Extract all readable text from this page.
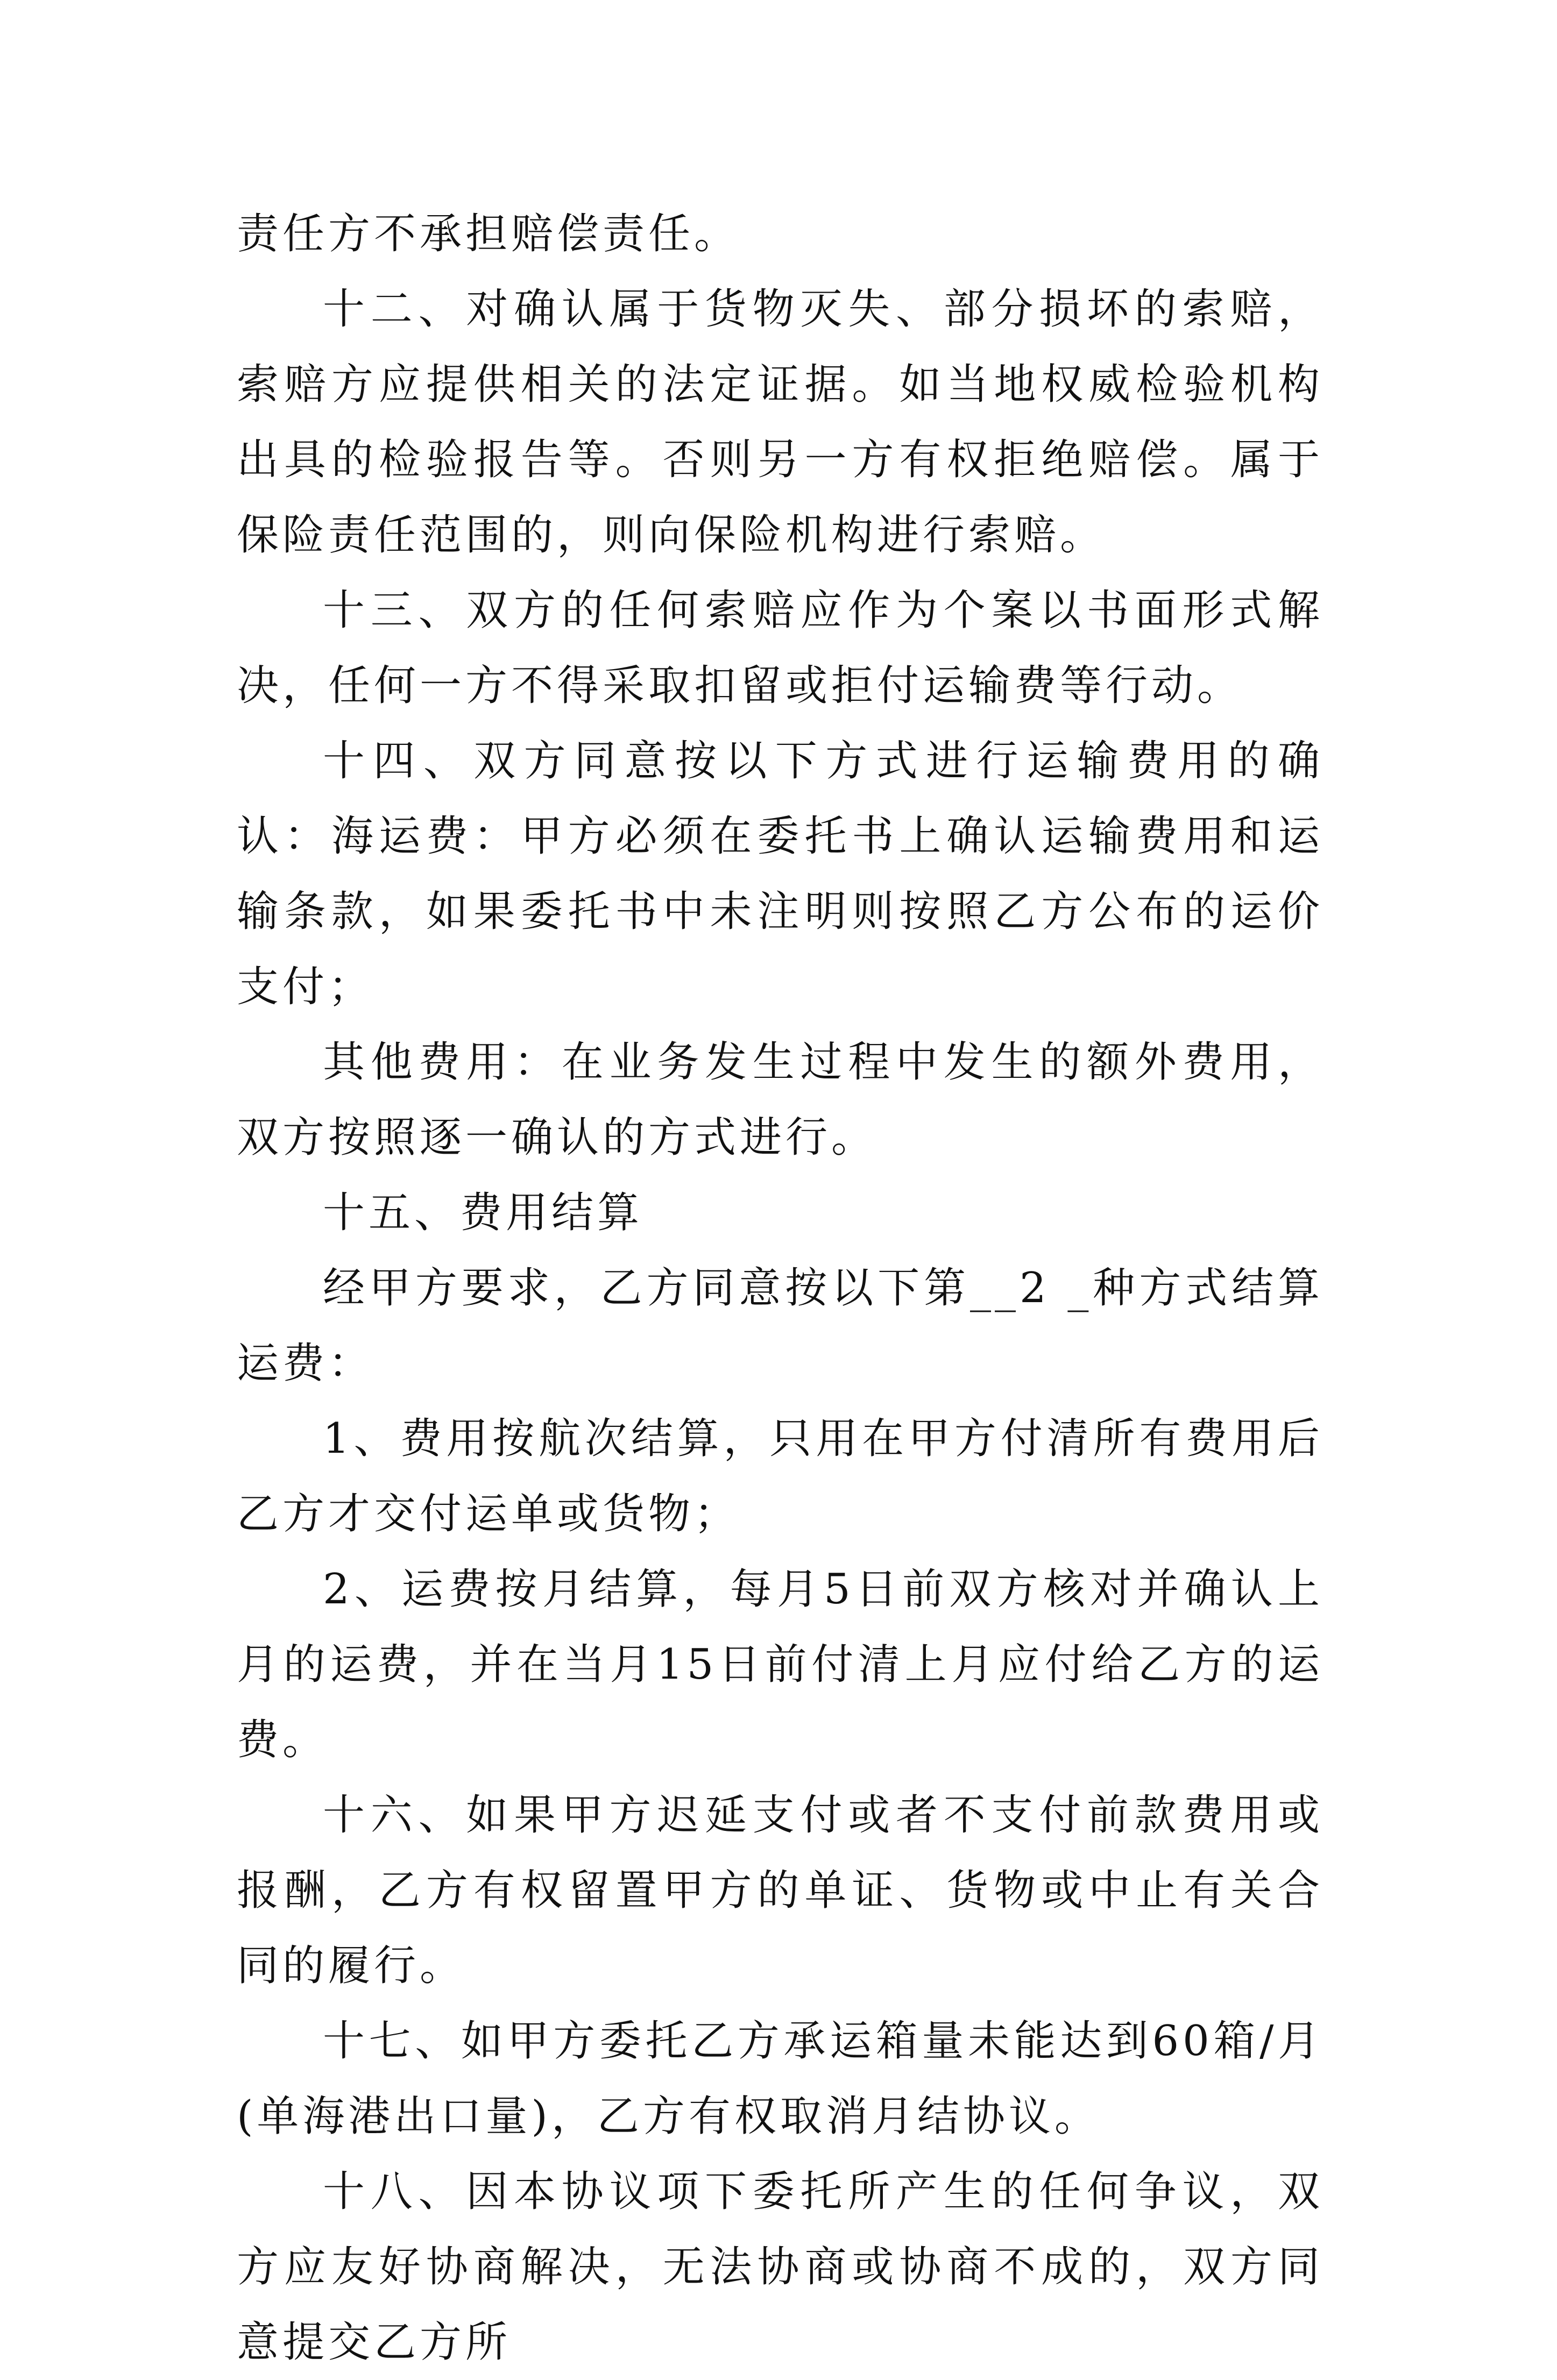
责任方不承担赔偿责任。

十二、对确认属于货物灭失、部分损坏的索赔，索赔方应提供相关的法定证据。如当地权威检验机构出具的检验报告等。否则另一方有权拒绝赔偿。属于保险责任范围的，则向保险机构进行索赔。

十三、双方的任何索赔应作为个案以书面形式解决，任何一方不得采取扣留或拒付运输费等行动。

十四、双方同意按以下方式进行运输费用的确认：海运费：甲方必须在委托书上确认运输费用和运输条款，如果委托书中未注明则按照乙方公布的运价支付；

其他费用：在业务发生过程中发生的额外费用，双方按照逐一确认的方式进行。

十五、费用结算

经甲方要求，乙方同意按以下第__2 _种方式结算运费：

1、费用按航次结算，只用在甲方付清所有费用后乙方才交付运单或货物；

2、运费按月结算，每月5日前双方核对并确认上月的运费，并在当月15日前付清上月应付给乙方的运费。

十六、如果甲方迟延支付或者不支付前款费用或报酬，乙方有权留置甲方的单证、货物或中止有关合同的履行。

十七、如甲方委托乙方承运箱量未能达到60箱/月(单海港出口量)，乙方有权取消月结协议。

十八、因本协议项下委托所产生的任何争议，双方应友好协商解决，无法协商或协商不成的，双方同意提交乙方所
